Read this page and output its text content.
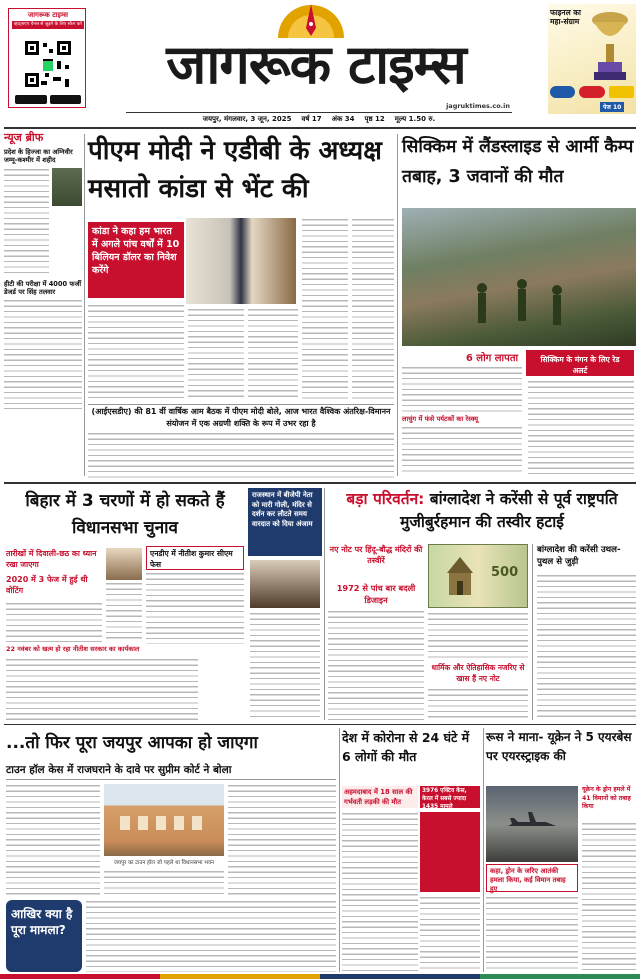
जागरूक टाइम्स
व्हाट्सएप चैनल से जुड़ने के लिए स्कैन करें
जागरूक टाइम्स
jagruktimes.co.in
फाइनल का महा-संग्राम
पेज 10
जयपुर, मंगलवार, 3 जून, 2025 वर्ष 17 अंक 34 पृष्ठ 12 मूल्य 1.50 रु.
न्यूज ब्रीफ
प्रदेश के हिज्जा का अग्निवीर जम्मू-कश्मीर में शहीद
हीटी की परीक्षा में 4000 फर्जी डेजर्ड पर सिंह तलवार
पीएम मोदी ने एडीबी के अध्यक्ष मसातो कांडा से भेंट की
कांडा ने कहा हम भारत में अगले पांच वर्षों में 10 बिलियन डॉलर का निवेश करेंगे
(आईएसडीए) की 81 वीं वार्षिक आम बैठक में पीएम मोदी बोले, आज भारत वैश्विक अंतरिक्ष-विमानन संयोजन में एक अग्रणी शक्ति के रूप में उभर रहा है
सिक्किम में लैंडस्लाइड से आर्मी कैम्प तबाह, 3 जवानों की मौत
6 लोग लापता
लाचुंग में फंसे पर्यटकों का रेस्क्यू
सिक्किम के मंगन के लिए रेड अलर्ट
बिहार में 3 चरणों में हो सकते हैं विधानसभा चुनाव
तारीखों में दिवाली-छठ का ध्यान रखा जाएगा
2020 में 3 फेज में हुई थी वोटिंग
22 नवंबर को खत्म हो रहा नीतीश सरकार का कार्यकाल
एनडीए में नीतीश कुमार सीएम फेस
राजस्थान में बीजेपी नेता को मारी गोली, मंदिर से दर्शन कर लौटते समय वारदात को दिया अंजाम
बड़ा परिवर्तन: बांग्लादेश ने करेंसी से पूर्व राष्ट्रपति मुजीबुर्रहमान की तस्वीर हटाई
नए नोट पर हिंदू-बौद्ध मंदिरों की तस्वीरें
1972 से पांच बार बदली डिजाइन
500
धार्मिक और ऐतिहासिक नजरिए से खास हैं नए नोट
बांग्लादेश की करेंसी उथल-पुथल से जुड़ी
...तो फिर पूरा जयपुर आपका हो जाएगा
टाउन हॉल केस में राजघराने के दावे पर सुप्रीम कोर्ट ने बोला
जयपुर का टाउन हॉल जो पहले था विधानसभा भवन
आखिर क्या है पूरा मामला?
देश में कोरोना से 24 घंटे में 6 लोगों की मौत
अहमदाबाद में 18 साल की गर्भवती लड़की की मौत
3976 एक्टिव केस, केरल में सबसे ज्यादा 1435 मामले
रूस ने माना- यूक्रेन ने 5 एयरबेस पर एयरस्ट्राइक की
कहा, ड्रोन के जरिए आतंकी हमला किया, कई विमान तबाह हुए
यूक्रेन के ड्रोन हमले में 41 विमानों को तबाह किया
